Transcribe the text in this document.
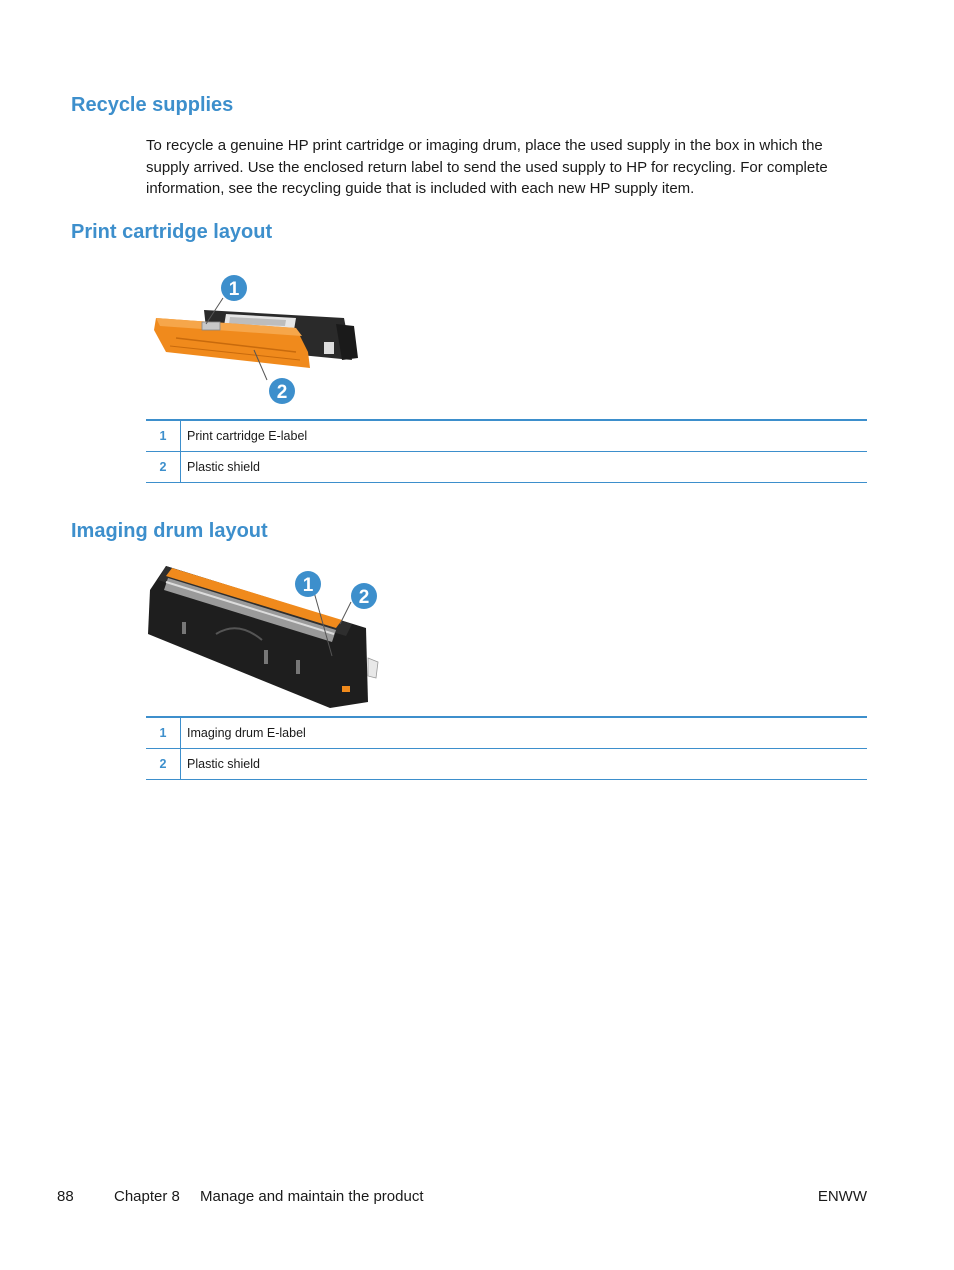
Recycle supplies

To recycle a genuine HP print cartridge or imaging drum, place the used supply in the box in which the supply arrived. Use the enclosed return label to send the used supply to HP for recycling. For complete information, see the recycling guide that is included with each new HP supply item.

Print cartridge layout
1
2
1	Print cartridge E-label
2	Plastic shield
Imaging drum layout
1
2
1	Imaging drum E-label
2	Plastic shield
88	Chapter 8 Manage and maintain the product	ENWW
